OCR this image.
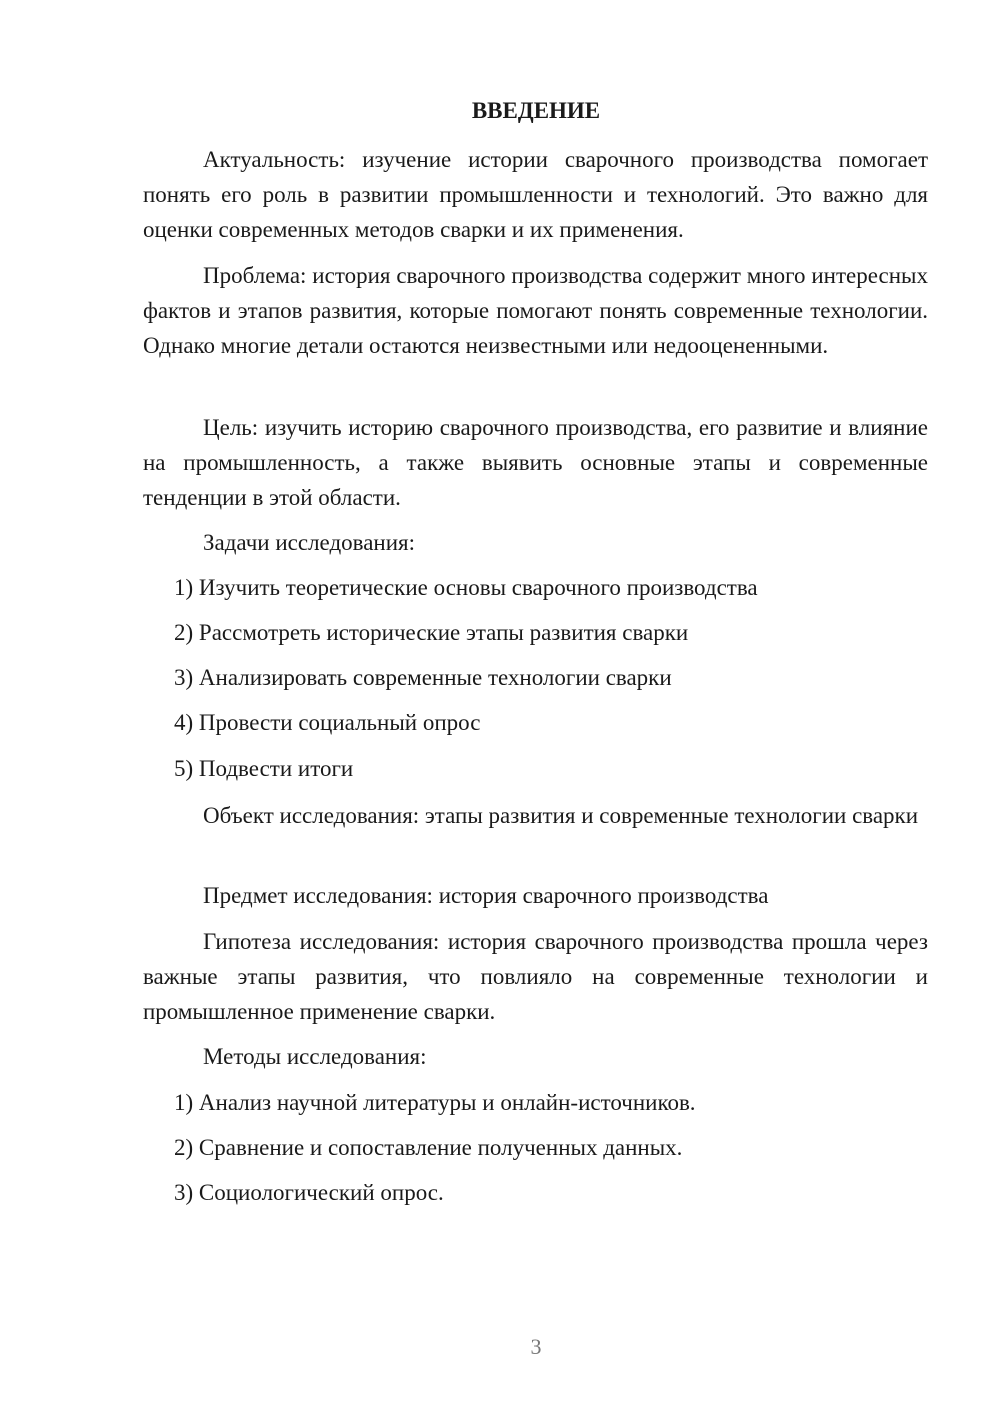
ВВЕДЕНИЕ

Актуальность: изучение истории сварочного производства помогает понять его роль в развитии промышленности и технологий. Это важно для оценки современных методов сварки и их применения.

Проблема: история сварочного производства содержит много интересных фактов и этапов развития, которые помогают понять современные технологии. Однако многие детали остаются неизвестными или недооцененными.

Цель: изучить историю сварочного производства, его развитие и влияние на промышленность, а также выявить основные этапы и современные тенденции в этой области.

Задачи исследования:

1) Изучить теоретические основы сварочного производства

2) Рассмотреть исторические этапы развития сварки

3) Анализировать современные технологии сварки

4) Провести социальный опрос

5) Подвести итоги

Объект исследования: этапы развития и современные технологии сварки

Предмет исследования: история сварочного производства

Гипотеза исследования: история сварочного производства прошла через важные этапы развития, что повлияло на современные технологии и промышленное применение сварки.

Методы исследования:

1) Анализ научной литературы и онлайн-источников.

2) Сравнение и сопоставление полученных данных.

3) Социологический опрос.

3
